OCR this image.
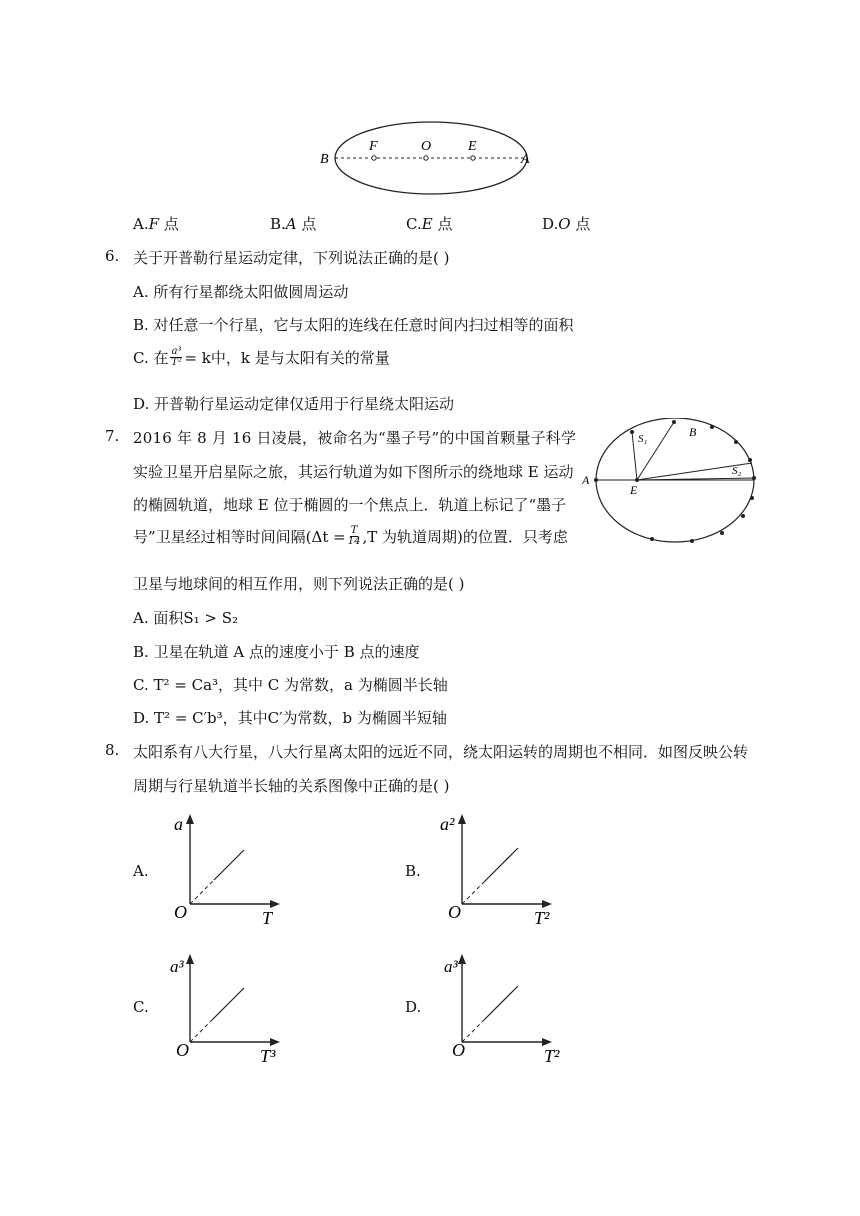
B
F	O	E
A
A.F 点	B.A 点	C.E 点	D.O 点
6. 关于开普勒行星运动定律，下列说法正确的是( )
A. 所有行星都绕太阳做圆周运动
B. 对任意一个行星，它与太阳的连线在任意时间内扫过相等的面积
C. 在 $\frac{\text{a³}}{\text{T²}} = k$中，k 是与太阳有关的常量
D. 开普勒行星运动定律仅适用于行星绕太阳运动
7. 2016 年 8 月 16 日凌晨，被命名为“墨子号”的中国首颗量子科学
实验卫星开启星际之旅，其运行轨道为如下图所示的绕地球 E 运动
的椭圆轨道，地球 E 位于椭圆的一个焦点上．轨道上标记了“墨子
号”卫星经过相等时间间隔($\Delta t = \frac{T}{14} ,T$ 为轨道周期)的位置．只考虑
卫星与地球间的相互作用，则下列说法正确的是( )
A
E
B
S₁
S₂
A. 面积S₁ > S₂
B. 卫星在轨道 A 点的速度小于 B 点的速度
C. T² = Ca³，其中 C 为常数，a 为椭圆半长轴
D. T² = C′b³，其中C′为常数，b 为椭圆半短轴
8. 太阳系有八大行星，八大行星离太阳的远近不同，绕太阳运转的周期也不相同．如图反映公转
周期与行星轨道半长轴的关系图像中正确的是( )
A.
a
O	T
B.
a²
O	T²
C.
a³
O	T³
D.
a³
O	T²
